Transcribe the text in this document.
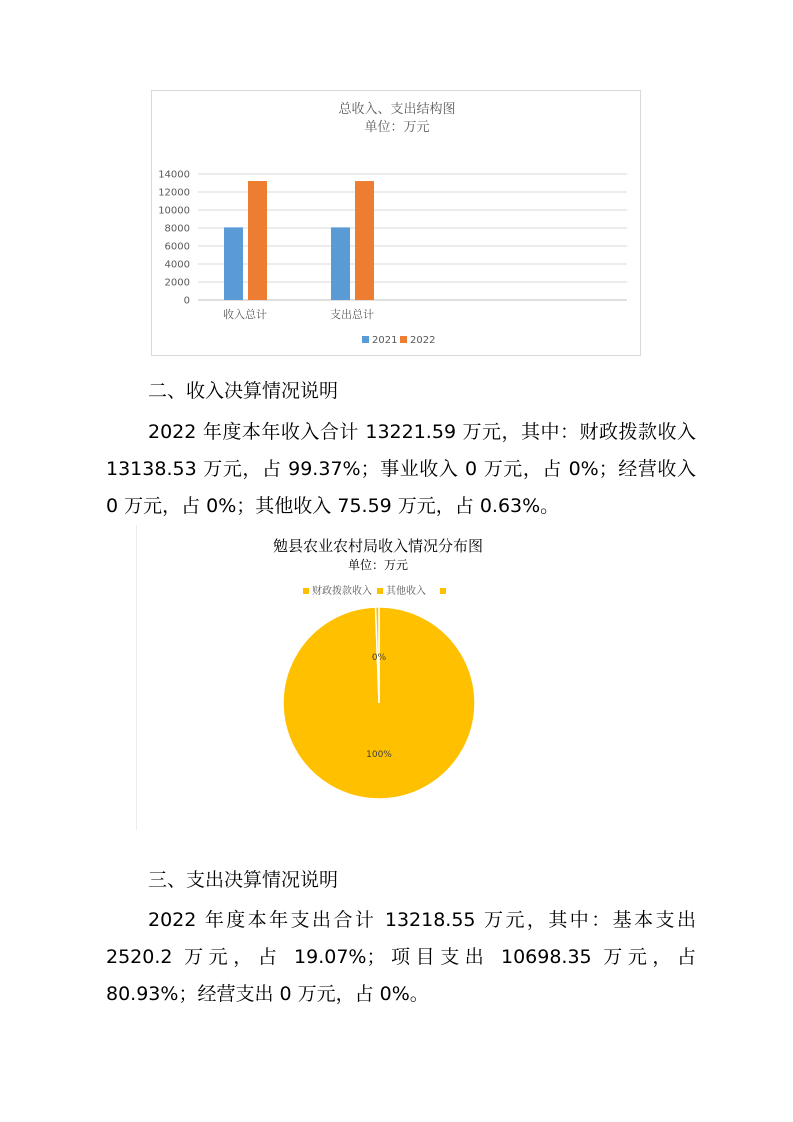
总收入、支出结构图
单位：万元
0
2000
4000
6000
8000
10000
12000
14000
收入总计	支出总计
2021 2022
二、收入决算情况说明
2022 年度本年收入合计 13221.59 万元，其中：财政拨款收入 13138.53 万元，占 99.37%；事业收入 0 万元，占 0%；经营收入 0 万元，占 0%；其他收入 75.59 万元，占 0.63%。
勉县农业农村局收入情况分布图
单位：万元
财政拨款收入 其他收入
100%
0%
三、支出决算情况说明
2022 年度本年支出合计 13218.55 万元，其中：基本支出 2520.2 万元，占 19.07%；项目支出 10698.35 万元，占 80.93%；经营支出 0 万元，占 0%。
